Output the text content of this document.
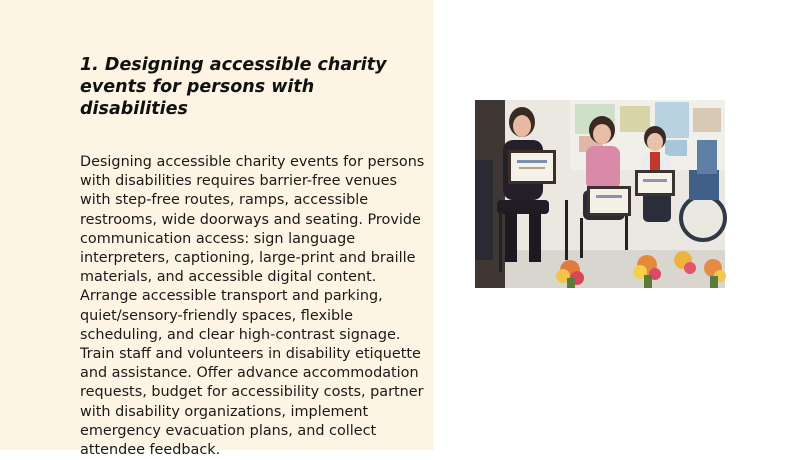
1. Designing accessible charity events for persons with disabilities

Designing accessible charity events for persons with disabilities requires barrier-free venues with step-free routes, ramps, accessible restrooms, wide doorways and seating. Provide communication access: sign language interpreters, captioning, large-print and braille materials, and accessible digital content. Arrange accessible transport and parking, quiet/sensory-friendly spaces, flexible scheduling, and clear high-contrast signage. Train staff and volunteers in disability etiquette and assistance. Offer advance accommodation requests, budget for accessibility costs, partner with disability organizations, implement emergency evacuation plans, and collect attendee feedback.
